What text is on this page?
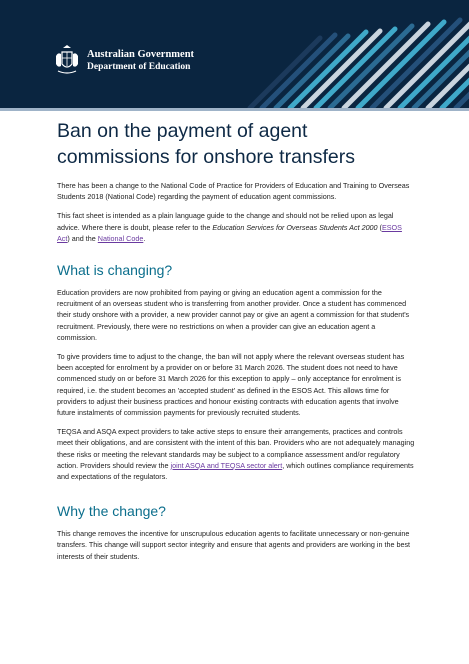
Australian Government
Department of Education
Ban on the payment of agent
commissions for onshore transfers

There has been a change to the National Code of Practice for Providers of Education and Training to Overseas Students 2018 (National Code) regarding the payment of education agent commissions.

This fact sheet is intended as a plain language guide to the change and should not be relied upon as legal advice. Where there is doubt, please refer to the Education Services for Overseas Students Act 2000 (ESOS Act) and the National Code.

What is changing?

Education providers are now prohibited from paying or giving an education agent a commission for the recruitment of an overseas student who is transferring from another provider. Once a student has commenced their study onshore with a provider, a new provider cannot pay or give an agent a commission for that student's recruitment. Previously, there were no restrictions on when a provider can give an education agent a commission.

To give providers time to adjust to the change, the ban will not apply where the relevant overseas student has been accepted for enrolment by a provider on or before 31 March 2026. The student does not need to have commenced study on or before 31 March 2026 for this exception to apply – only acceptance for enrolment is required, i.e. the student becomes an 'accepted student' as defined in the ESOS Act. This allows time for providers to adjust their business practices and honour existing contracts with education agents that involve future instalments of commission payments for previously recruited students.

TEQSA and ASQA expect providers to take active steps to ensure their arrangements, practices and controls meet their obligations, and are consistent with the intent of this ban. Providers who are not adequately managing these risks or meeting the relevant standards may be subject to a compliance assessment and/or regulatory action. Providers should review the joint ASQA and TEQSA sector alert, which outlines compliance requirements and expectations of the regulators.

Why the change?

This change removes the incentive for unscrupulous education agents to facilitate unnecessary or non-genuine transfers. This change will support sector integrity and ensure that agents and providers are working in the best interests of their students.
